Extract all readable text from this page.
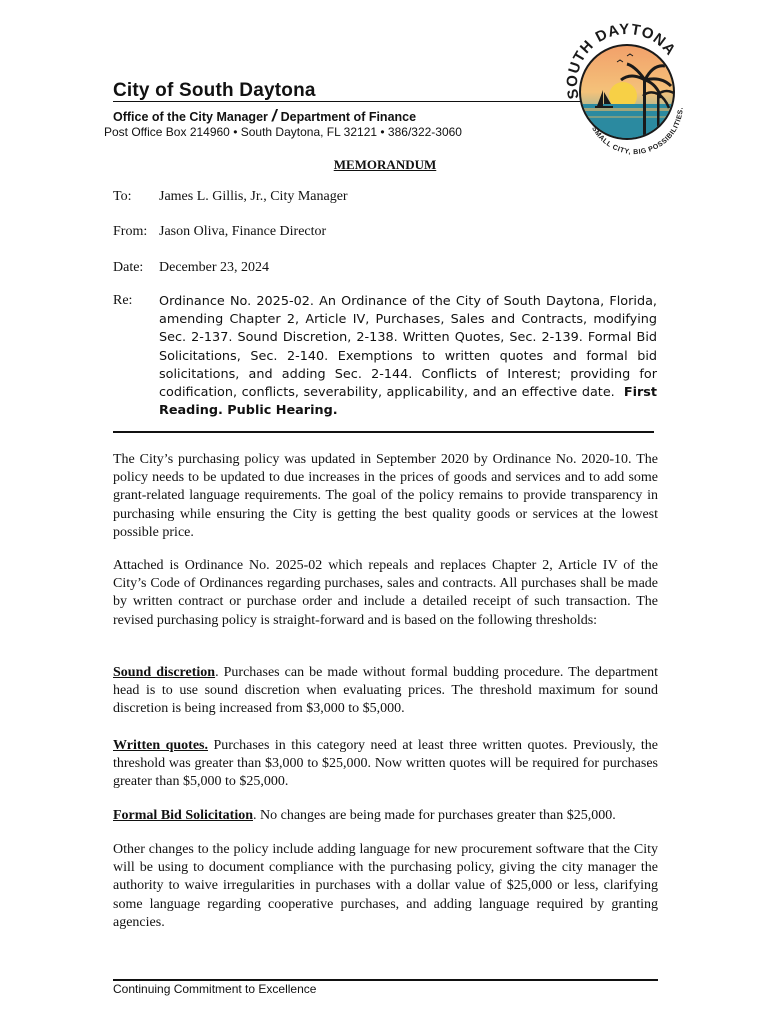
City of South Daytona
Office of the City Manager / Department of Finance
Post Office Box 214960 • South Daytona, FL 32121 • 386/322-3060
SOUTH DAYTONA
SMALL CITY, BIG POSSIBILITIES.
MEMORANDUM
To: James L. Gillis, Jr., City Manager
From: Jason Oliva, Finance Director
Date: December 23, 2024
Re: Ordinance No. 2025-02. An Ordinance of the City of South Daytona, Florida, amending Chapter 2, Article IV, Purchases, Sales and Contracts, modifying Sec. 2-137. Sound Discretion, 2-138. Written Quotes, Sec. 2-139. Formal Bid Solicitations, Sec. 2-140. Exemptions to written quotes and formal bid solicitations, and adding Sec. 2-144. Conflicts of Interest; providing for codification, conflicts, severability, applicability, and an effective date. First Reading. Public Hearing.
The City’s purchasing policy was updated in September 2020 by Ordinance No. 2020-10. The policy needs to be updated to due increases in the prices of goods and services and to add some grant-related language requirements. The goal of the policy remains to provide transparency in purchasing while ensuring the City is getting the best quality goods or services at the lowest possible price.
Attached is Ordinance No. 2025-02 which repeals and replaces Chapter 2, Article IV of the City’s Code of Ordinances regarding purchases, sales and contracts. All purchases shall be made by written contract or purchase order and include a detailed receipt of such transaction. The revised purchasing policy is straight-forward and is based on the following thresholds:
Sound discretion. Purchases can be made without formal budding procedure. The department head is to use sound discretion when evaluating prices. The threshold maximum for sound discretion is being increased from $3,000 to $5,000.
Written quotes. Purchases in this category need at least three written quotes. Previously, the threshold was greater than $3,000 to $25,000. Now written quotes will be required for purchases greater than $5,000 to $25,000.
Formal Bid Solicitation. No changes are being made for purchases greater than $25,000.
Other changes to the policy include adding language for new procurement software that the City will be using to document compliance with the purchasing policy, giving the city manager the authority to waive irregularities in purchases with a dollar value of $25,000 or less, clarifying some language regarding cooperative purchases, and adding language required by granting agencies.
Continuing Commitment to Excellence
